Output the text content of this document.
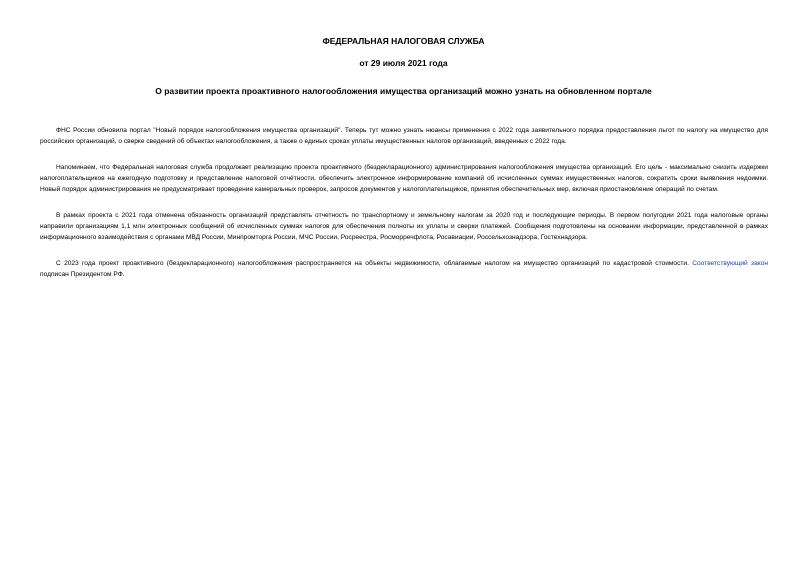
ФЕДЕРАЛЬНАЯ НАЛОГОВАЯ СЛУЖБА
от 29 июля 2021 года
О развитии проекта проактивного налогообложения имущества организаций можно узнать на обновленном портале

ФНС России обновила портал "Новый порядок налогообложения имущества организаций". Теперь тут можно узнать нюансы применения с 2022 года заявительного порядка предоставления льгот по налогу на имущество для российских организаций, о сверке сведений об объектах налогообложения, а также о единых сроках уплаты имущественных налогов организаций, введенных с 2022 года.

Напоминаем, что Федеральная налоговая служба продолжает реализацию проекта проактивного (бездекларационного) администрирования налогообложения имущества организаций. Его цель - максимально снизить издержки налогоплательщиков на ежегодную подготовку и представление налоговой отчётности, обеспечить электронное информирование компаний об исчисленных суммах имущественных налогов, сократить сроки выявления недоимки. Новый порядок администрирования не предусматривает проведение камеральных проверок, запросов документов у налогоплательщиков, принятия обеспечительных мер, включая приостановление операций по счетам.

В рамках проекта с 2021 года отменена обязанность организаций представлять отчетность по транспортному и земельному налогам за 2020 год и последующие периоды. В первом полугодии 2021 года налоговые органы направили организациям 1,1 млн электронных сообщений об исчисленных суммах налогов для обеспечения полноты их уплаты и сверки платежей. Сообщения подготовлены на основании информации, представленной в рамках информационного взаимодействия с органами МВД России, Минпромторга России, МЧС России, Росреестра, Росморречфлота, Росавиации, Россельхознадзора, Гостехнадзора.

С 2023 года проект проактивного (бездекларационного) налогообложения распространяется на объекты недвижимости, облагаемые налогом на имущество организаций по кадастровой стоимости. Соответствующий закон подписан Президентом РФ.
